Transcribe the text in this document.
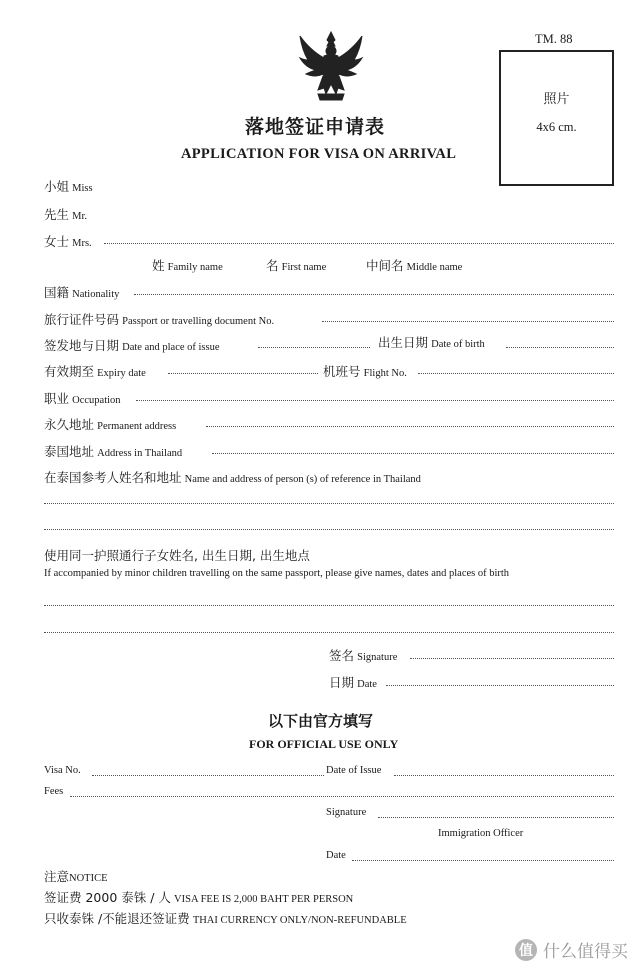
TM. 88
照片
4x6 cm.
落地签证申请表
APPLICATION FOR VISA ON ARRIVAL
小姐 Miss
先生 Mr.
女士 Mrs.
姓 Family name	名 First name	中间名 Middle name
国籍 Nationality
旅行证件号码 Passport or travelling document No.
签发地与日期 Date and place of issue	出生日期 Date of birth
有效期至 Expiry date	机班号 Flight No.
职业 Occupation
永久地址 Permanent address
泰国地址 Address in Thailand
在泰国参考人姓名和地址 Name and address of person (s) of reference in Thailand
使用同一护照通行子女姓名, 出生日期, 出生地点
If accompanied by minor children travelling on the same passport, please give names, dates and places of birth
签名 Signature
日期 Date
以下由官方填写
FOR OFFICIAL USE ONLY
Visa No.	Date of Issue
Fees
Signature
Immigration Officer
Date
注意NOTICE
签证费 2000 泰铢 / 人 VISA FEE IS 2,000 BAHT PER PERSON
只收泰铢 /不能退还签证费 THAI CURRENCY ONLY/NON-REFUNDABLE
值 什么值得买
